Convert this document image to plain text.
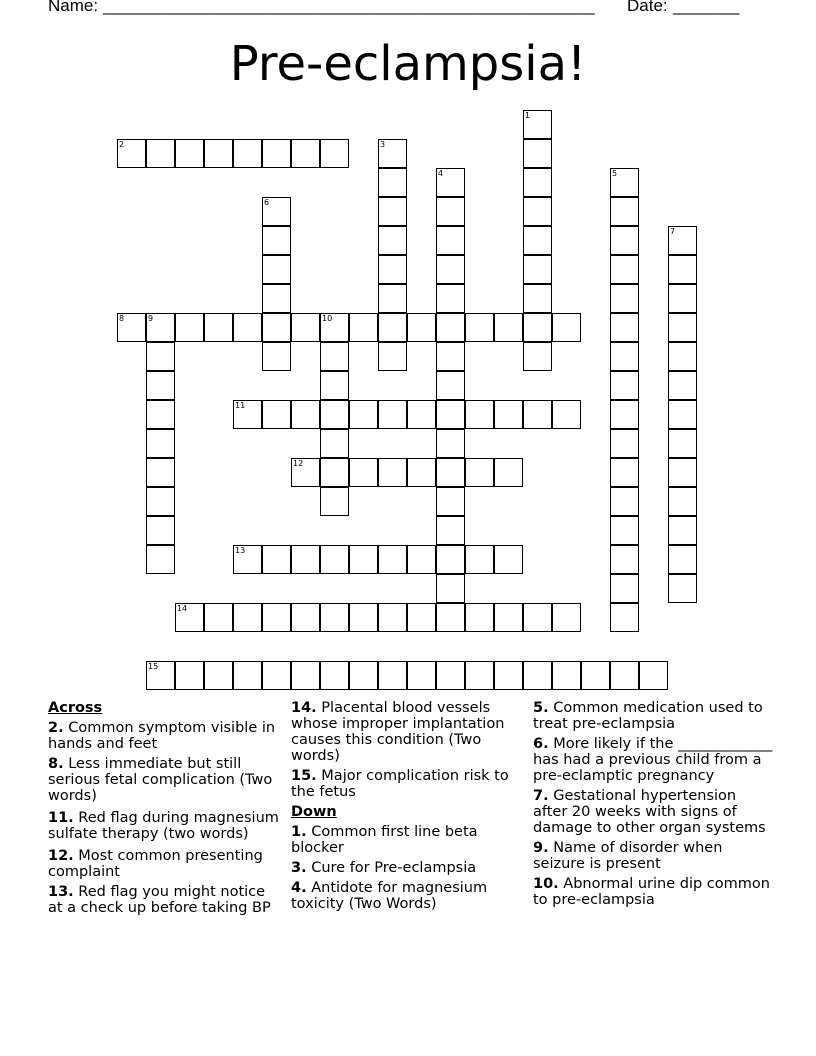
Name: ____________________________________________________ Date: _______
Pre-eclampsia!
2
8	9	10
11
12
13
14
15
1
3
4	5
6
7

Across

2. Common symptom visible in hands and feet

8. Less immediate but still serious fetal complication (Two words)

11. Red flag during magnesium sulfate therapy (two words)

12. Most common presenting complaint

13. Red flag you might notice at a check up before taking BP

14. Placental blood vessels whose improper implantation causes this condition (Two words)

15. Major complication risk to the fetus

Down

1. Common first line beta blocker

3. Cure for Pre-eclampsia

4. Antidote for magnesium toxicity (Two Words)

5. Common medication used to treat pre-eclampsia

6. More likely if the _____________ has had a previous child from a pre-eclamptic pregnancy

7. Gestational hypertension after 20 weeks with signs of damage to other organ systems

9. Name of disorder when seizure is present

10. Abnormal urine dip common to pre-eclampsia
